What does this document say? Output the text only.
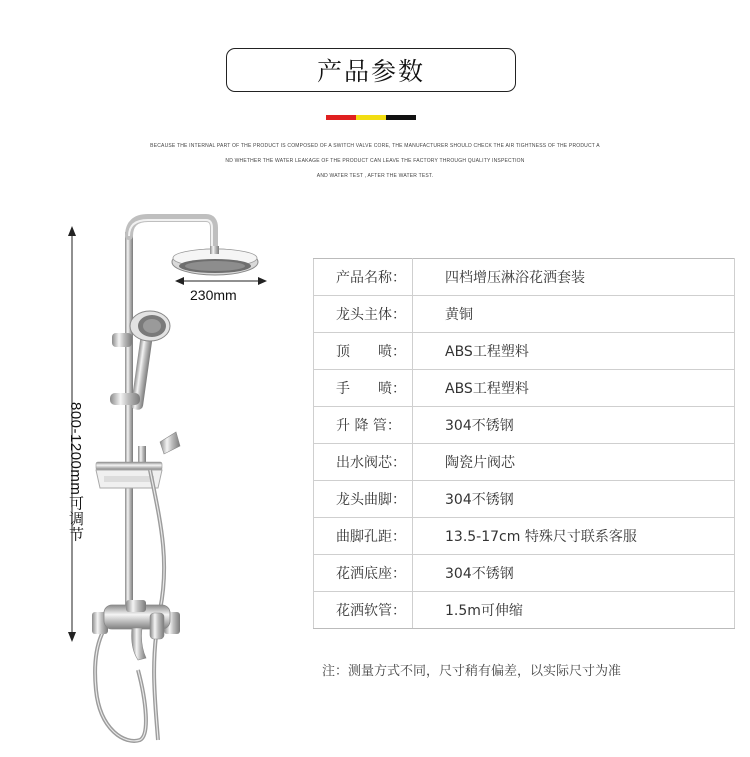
产品参数
BECAUSE THE INTERNAL PART OF THE PRODUCT IS COMPOSED OF A SWITCH VALVE CORE, THE MANUFACTURER SHOULD CHECK THE AIR TIGHTNESS OF THE PRODUCT A
ND WHETHER THE WATER LEAKAGE OF THE PRODUCT CAN LEAVE THE FACTORY THROUGH QUALITY INSPECTION
AND WATER TEST , AFTER THE WATER TEST.
230mm
800-1200mm可调节
产品名称：	四档增压淋浴花洒套装
龙头主体：	黄铜
顶　　喷：	ABS工程塑料
手　　喷：	ABS工程塑料
升 降 管：	304不锈钢
出水阀芯：	陶瓷片阀芯
龙头曲脚：	304不锈钢
曲脚孔距：	13.5-17cm 特殊尺寸联系客服
花洒底座：	304不锈钢
花洒软管：	1.5m可伸缩
注：测量方式不同，尺寸稍有偏差，以实际尺寸为准
